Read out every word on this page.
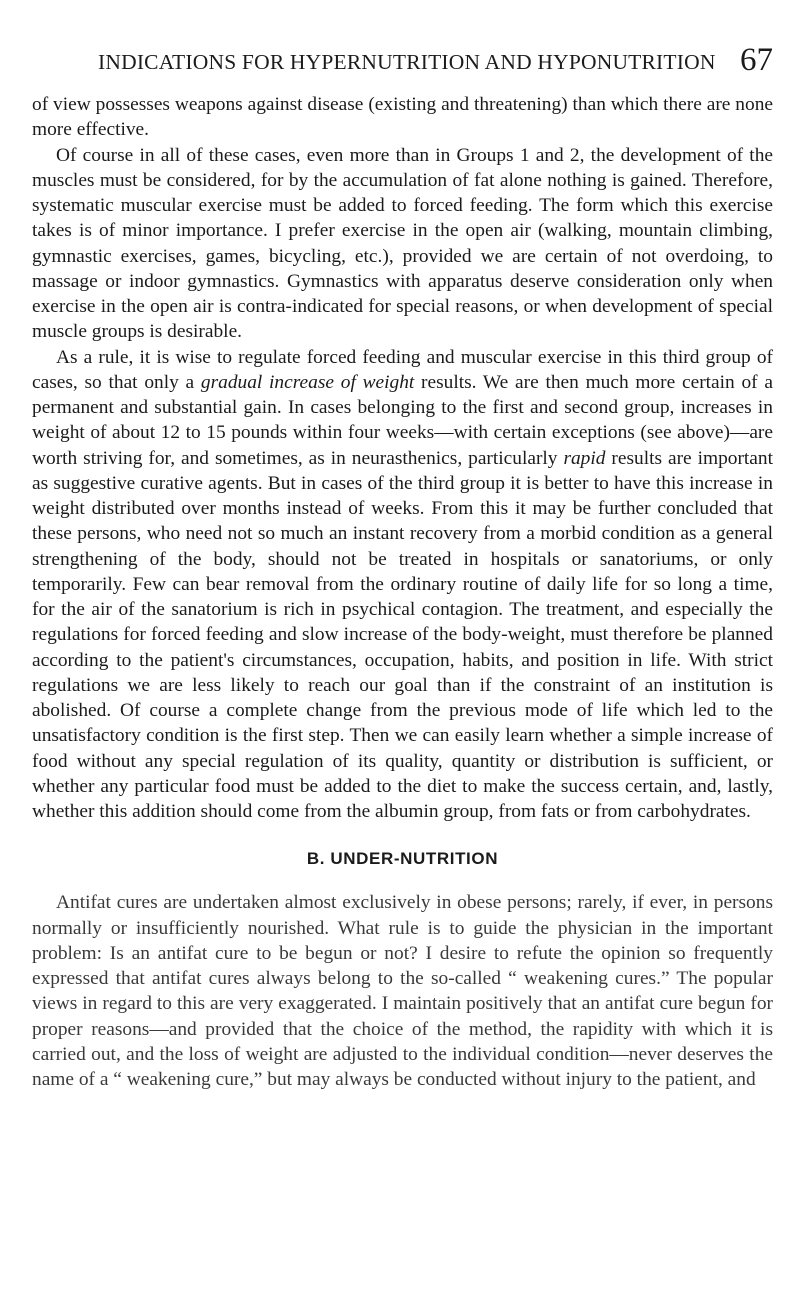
INDICATIONS FOR HYPERNUTRITION AND HYPONUTRITION 67

of view possesses weapons against disease (existing and threatening) than which there are none more effective.

Of course in all of these cases, even more than in Groups 1 and 2, the development of the muscles must be considered, for by the accumulation of fat alone nothing is gained. Therefore, systematic muscular exercise must be added to forced feeding. The form which this exercise takes is of minor importance. I prefer exercise in the open air (walking, mountain climbing, gymnastic exercises, games, bicycling, etc.), provided we are certain of not overdoing, to massage or indoor gymnastics. Gymnastics with apparatus deserve consideration only when exercise in the open air is contra-indicated for special reasons, or when development of special muscle groups is desirable.

As a rule, it is wise to regulate forced feeding and muscular exercise in this third group of cases, so that only a gradual increase of weight results. We are then much more certain of a permanent and substantial gain. In cases belonging to the first and second group, increases in weight of about 12 to 15 pounds within four weeks—with certain exceptions (see above)—are worth striving for, and sometimes, as in neurasthenics, particularly rapid results are important as suggestive curative agents. But in cases of the third group it is better to have this increase in weight distributed over months instead of weeks. From this it may be further concluded that these persons, who need not so much an instant recovery from a morbid condition as a general strengthening of the body, should not be treated in hospitals or sanatoriums, or only temporarily. Few can bear removal from the ordinary routine of daily life for so long a time, for the air of the sanatorium is rich in psychical contagion. The treatment, and especially the regulations for forced feeding and slow increase of the body-weight, must therefore be planned according to the patient's circumstances, occupation, habits, and position in life. With strict regulations we are less likely to reach our goal than if the constraint of an institution is abolished. Of course a complete change from the previous mode of life which led to the unsatisfactory condition is the first step. Then we can easily learn whether a simple increase of food without any special regulation of its quality, quantity or distribution is sufficient, or whether any particular food must be added to the diet to make the success certain, and, lastly, whether this addition should come from the albumin group, from fats or from carbohydrates.

B. UNDER-NUTRITION

Antifat cures are undertaken almost exclusively in obese persons; rarely, if ever, in persons normally or insufficiently nourished. What rule is to guide the physician in the important problem: Is an antifat cure to be begun or not? I desire to refute the opinion so frequently expressed that antifat cures always belong to the so-called “ weakening cures.” The popular views in regard to this are very exaggerated. I maintain positively that an antifat cure begun for proper reasons—and provided that the choice of the method, the rapidity with which it is carried out, and the loss of weight are adjusted to the individual condition—never deserves the name of a “ weakening cure,” but may always be conducted without injury to the patient, and
